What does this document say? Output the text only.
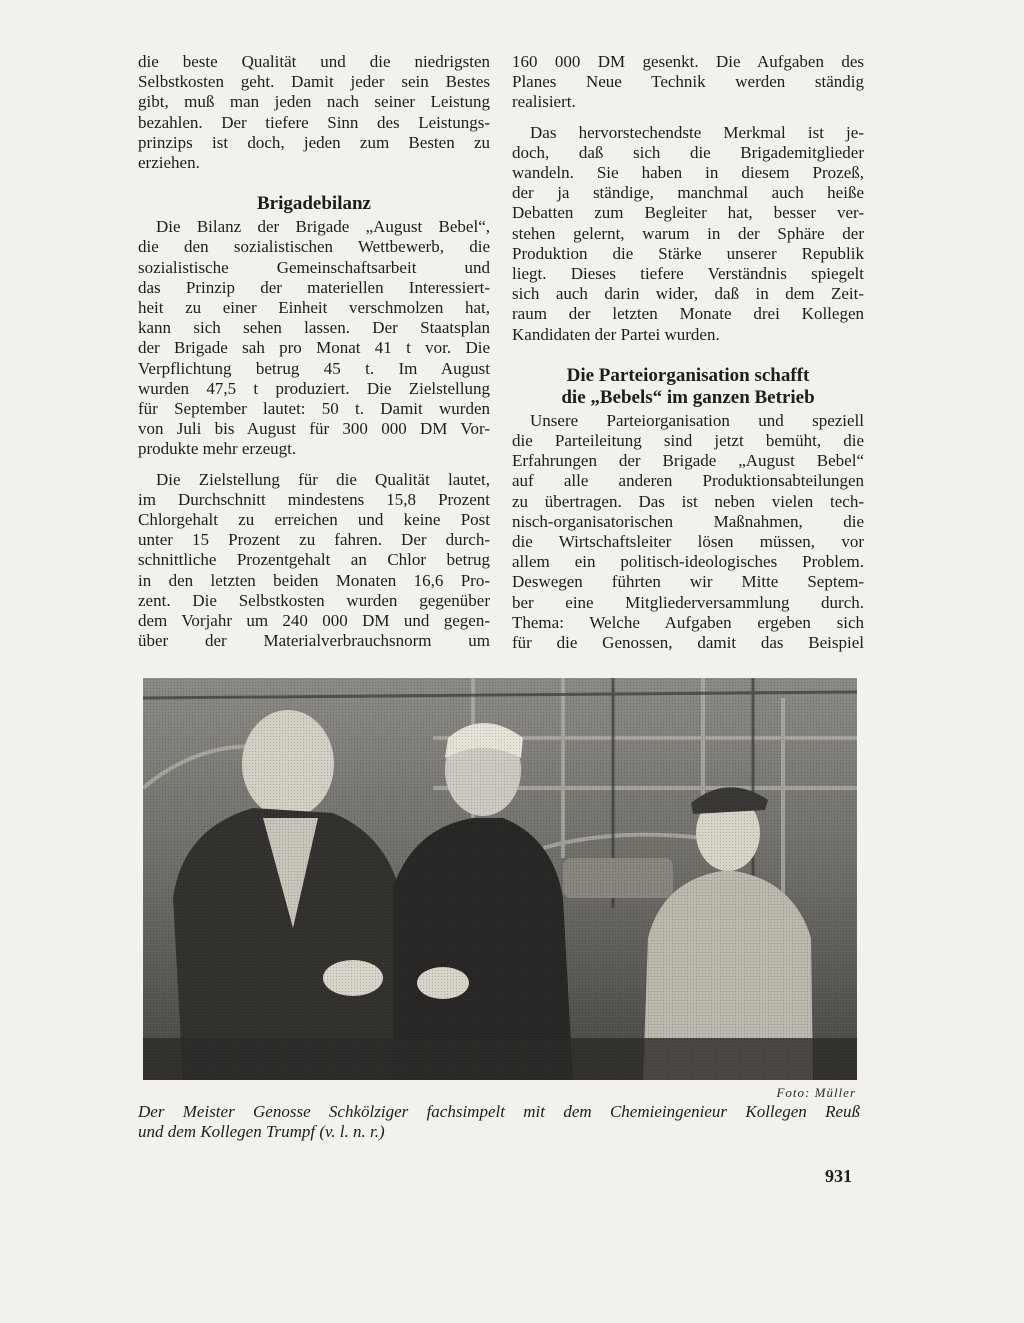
die beste Qualität und die niedrigsten
Selbstkosten geht. Damit jeder sein Bestes
gibt, muß man jeden nach seiner Leistung
bezahlen. Der tiefere Sinn des Leistungs-
prinzips ist doch, jeden zum Besten zu
erziehen.

Brigadebilanz

Die Bilanz der Brigade „August Bebel“,
die den sozialistischen Wettbewerb, die
sozialistische Gemeinschaftsarbeit und
das Prinzip der materiellen Interessiert-
heit zu einer Einheit verschmolzen hat,
kann sich sehen lassen. Der Staatsplan
der Brigade sah pro Monat 41 t vor. Die
Verpflichtung betrug 45 t. Im August
wurden 47,5 t produziert. Die Zielstellung
für September lautet: 50 t. Damit wurden
von Juli bis August für 300 000 DM Vor-
produkte mehr erzeugt.

Die Zielstellung für die Qualität lautet,
im Durchschnitt mindestens 15,8 Prozent
Chlorgehalt zu erreichen und keine Post
unter 15 Prozent zu fahren. Der durch-
schnittliche Prozentgehalt an Chlor betrug
in den letzten beiden Monaten 16,6 Pro-
zent. Die Selbstkosten wurden gegenüber
dem Vorjahr um 240 000 DM und gegen-
über der Materialverbrauchsnorm um

160 000 DM gesenkt. Die Aufgaben des
Planes Neue Technik werden ständig
realisiert.

Das hervorstechendste Merkmal ist je-
doch, daß sich die Brigademitglieder
wandeln. Sie haben in diesem Prozeß,
der ja ständige, manchmal auch heiße
Debatten zum Begleiter hat, besser ver-
stehen gelernt, warum in der Sphäre der
Produktion die Stärke unserer Republik
liegt. Dieses tiefere Verständnis spiegelt
sich auch darin wider, daß in dem Zeit-
raum der letzten Monate drei Kollegen
Kandidaten der Partei wurden.

Die Parteiorganisation schafft
die „Bebels“ im ganzen Betrieb

Unsere Parteiorganisation und speziell
die Parteileitung sind jetzt bemüht, die
Erfahrungen der Brigade „August Bebel“
auf alle anderen Produktionsabteilungen
zu übertragen. Das ist neben vielen tech-
nisch-organisatorischen Maßnahmen, die
die Wirtschaftsleiter lösen müssen, vor
allem ein politisch-ideologisches Problem.
Deswegen führten wir Mitte Septem-
ber eine Mitgliederversammlung durch.
Thema: Welche Aufgaben ergeben sich
für die Genossen, damit das Beispiel

Foto: Müller
Der Meister Genosse Schkölziger fachsimpelt mit dem Chemieingenieur Kollegen Reuß
und dem Kollegen Trumpf (v. l. n. r.)
931
